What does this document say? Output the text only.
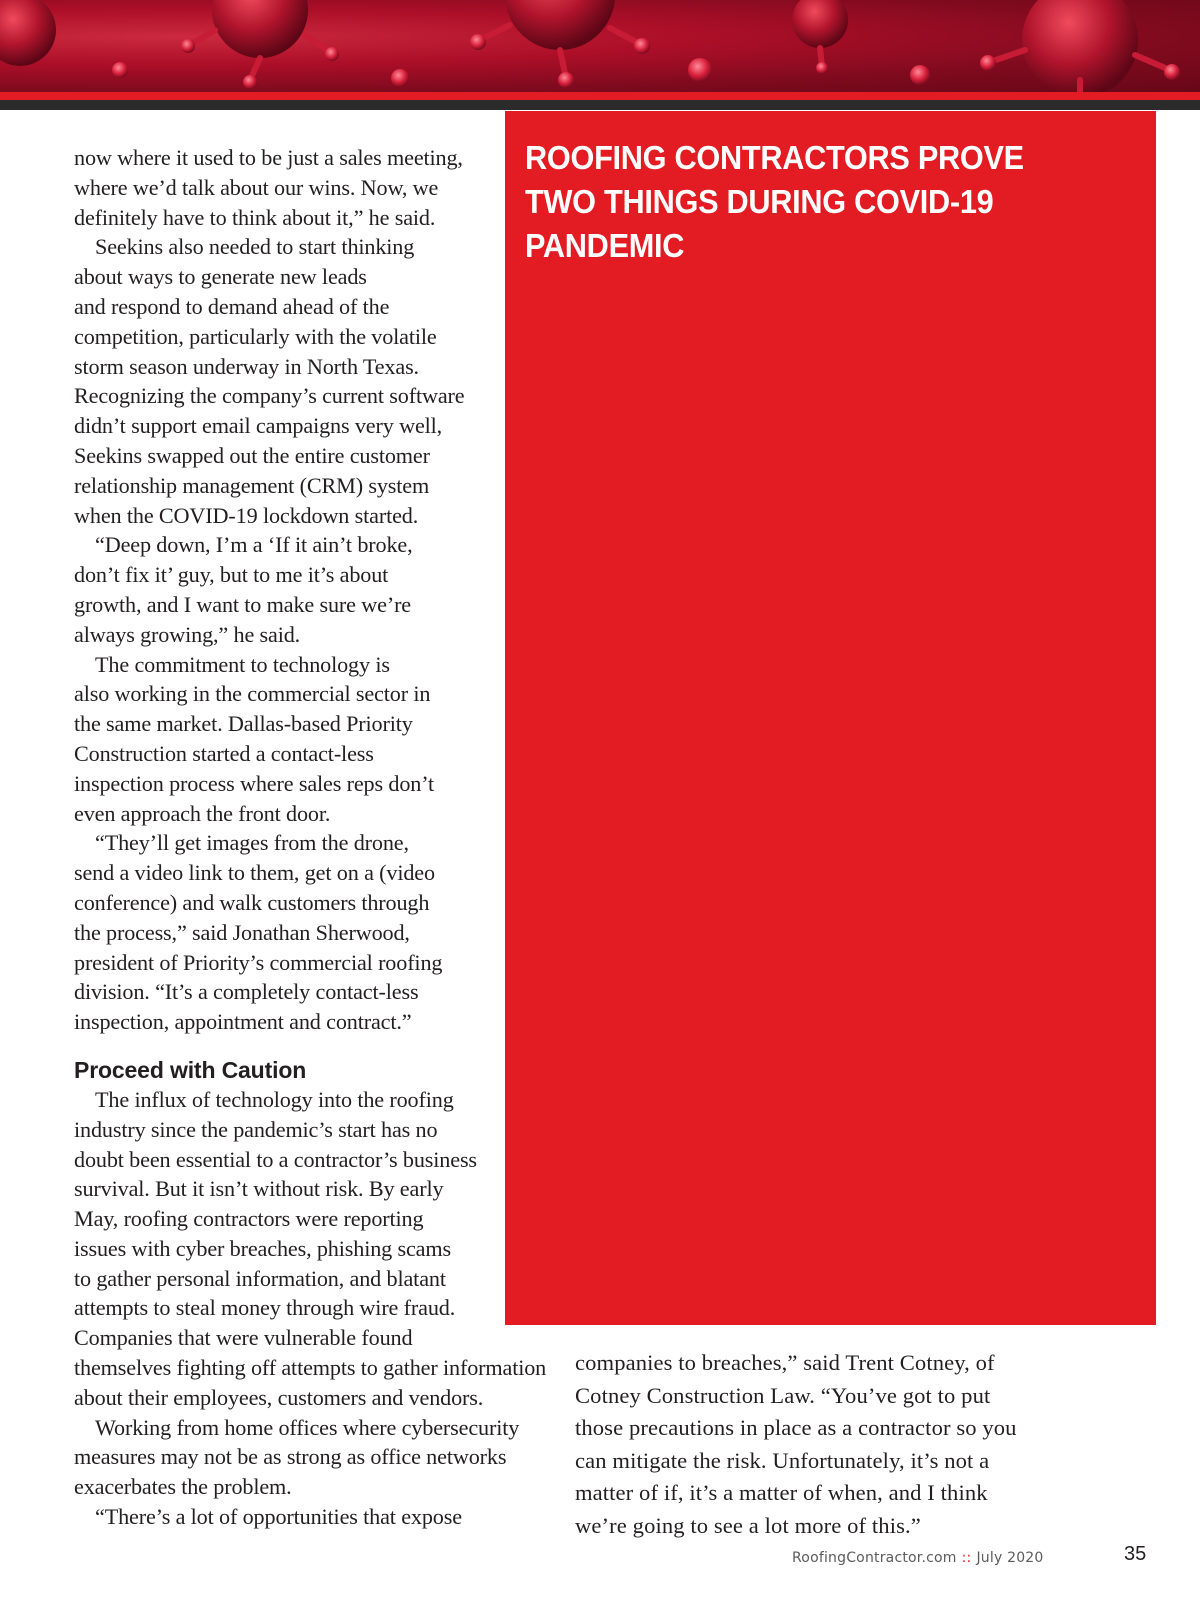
now where it used to be just a sales meeting,

where we’d talk about our wins. Now, we

definitely have to think about it,” he said.

Seekins also needed to start thinking

about ways to generate new leads

and respond to demand ahead of the

competition, particularly with the volatile

storm season underway in North Texas.

Recognizing the company’s current software

didn’t support email campaigns very well,

Seekins swapped out the entire customer

relationship management (CRM) system

when the COVID-19 lockdown started.

“Deep down, I’m a ‘If it ain’t broke,

don’t fix it’ guy, but to me it’s about

growth, and I want to make sure we’re

always growing,” he said.

The commitment to technology is

also working in the commercial sector in

the same market. Dallas-based Priority

Construction started a contact-less

inspection process where sales reps don’t

even approach the front door.

“They’ll get images from the drone,

send a video link to them, get on a (video

conference) and walk customers through

the process,” said Jonathan Sherwood,

president of Priority’s commercial roofing

division. “It’s a completely contact-less

inspection, appointment and contract.”

Proceed with Caution

The influx of technology into the roofing

industry since the pandemic’s start has no

doubt been essential to a contractor’s business

survival. But it isn’t without risk. By early

May, roofing contractors were reporting

issues with cyber breaches, phishing scams

to gather personal information, and blatant

attempts to steal money through wire fraud.

Companies that were vulnerable found

themselves fighting off attempts to gather information

about their employees, customers and vendors.

Working from home offices where cybersecurity

measures may not be as strong as office networks

exacerbates the problem.

“There’s a lot of opportunities that expose

ROOFING CONTRACTORS PROVE TWO THINGS DURING COVID-19 PANDEMIC

companies to breaches,” said Trent Cotney, of

Cotney Construction Law. “You’ve got to put

those precautions in place as a contractor so you

can mitigate the risk. Unfortunately, it’s not a

matter of if, it’s a matter of when, and I think

we’re going to see a lot more of this.”

RoofingContractor.com :: July 2020	35
